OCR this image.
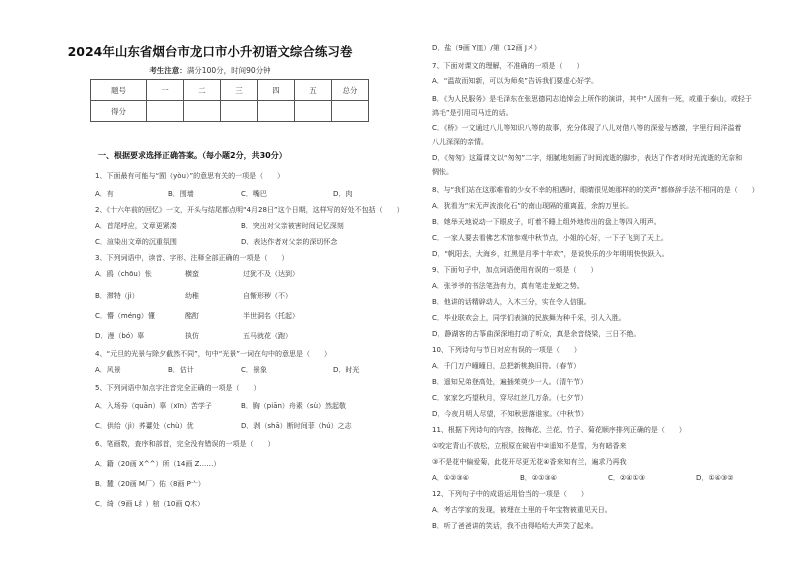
2024年山东省烟台市龙口市小升初语文综合练习卷
考生注意：满分100分，时间90分钟
题号	一	二	三	四	五	总分
得分						
一、根据要求选择正确答案。（每小题2分，共30分）
1、下面最有可能与“囿（yòu）”的意思有关的一项是（　　）
A．有	B．围墙	C．嘴巴	D．肉
2、《十六年前的回忆》一文，开头与结尾都点明“4月28日”这个日期，这样写的好处不包括（　　）
A．首尾呼应，文章更紧凑	B．突出对父亲被害时间记忆深刻
C．渲染出文章的沉重氛围	D．表达作者对父亲的深切怀念
3、下列词语中，读音、字形、注释全部正确的一项是（　　）
A．鸥（chōu）怅	横蛮	过犹不及（达到）
B．滞特（jì）	幼稚	自惭形秽（不）
C．懵（méng）懂	酩酊	半世洞名（托起）
D．漫（bó）辜	执仿	五马就花（跑）
4、“元旦的光景与除夕截然不同”，句中“光景”一词在句中的意思是（　　）
A．风景	B．估计	C．景象	D．时光
5、下列词语中加点字注音完全正确的一项是（　　）
A．入场券（quān）辜（xīn）苦学子	B．胸（piān）舟素（sù）然起敬
C．供给（jì）荞薹处（chù）优	D．剥（shā）断时间菲（hú）之志
6、笔画数，查序和部首，完全没有错误的一项是（　　）
A．籍（20画 X^^）所（14画 Z……）
B．麓（20画 M厂）佑（8画 P亠）
C．绮（9画 L纟）棺（10画 Q木）
D．盐（9画 Y皿）/第（12画 J㐅）
7、下面对课文的理解，不准确的一项是（　　）
A．“温故而知新，可以为师矣”告诉我们要虚心好学。
B．《为人民服务》是毛泽东在张思德同志追悼会上所作的演讲，其中“人固有一死，或重于泰山，或轻于
鸿毛”是引用司马迁的话。
C．《桥》一文通过八儿等知识八等的故事，充分体现了八儿对借八等的深爱与感激，字里行间洋溢着
八儿深深的亲情。
D．《匆匆》这篇课文以“匆匆”二字，细腻地刻画了时间流逝的脚步，表达了作者对时光流逝的无奈和
惆怅。
8、与“我们站在这那难看的少女不幸的相遇时，眼睛很见她那样的的笑声”都修辞手法不相同的是（　　）
A．犹看为“宋无声波浪化石”的南山现隔的重离蓝，余韵万里长。
B．她举天地说动一下眼皮子，叮着不睡上组外地传出的盘上等四入明声。
C．一家人要去看佛艺术馆参观中秋节点，小姐的心好，一下子飞到了天上。
D．“帆阳去，大海乡，红黑是月季十年欢”，是说快乐的少年明明快快跃入。
9、下面句子中，加点词语使用有误的一项是（　　）
A．张爷爷的书法笔劲有力，真有笔走龙蛇之势。
B．他讲的话精辟动人，入木三分，实在令人信服。
C．毕业联欢会上，同学们表演的民族舞为种千采，引人入胜。
D．静湖客的古筝曲深深地打动了听众，真是余音绕梁，三日不绝。
10、下列诗句与节日对应有误的一项是（　　）
A．千门万户曈曈日，总把新桃换旧符。（春节）
B．遥知兄弟登高处，遍插茱萸少一人。（清午节）
C．家家乞巧望秋月，穿尽红丝几万条。（七夕节）
D．今夜月明人尽望，不知秋思落谁家。（中秋节）
11、根据下列诗句的内容，按梅花、兰花、竹子、菊花顺序排列正确的是（　　）
①咬定青山不放松，立根原在破岩中②遥知不是雪，为有暗香来
③不是花中偏爱菊，此花开尽更无花④香来知有兰，遍求乃再我
A．①②③④	B．②①③④	C．②④①③	D．①④③②
12、下列句子中的成语运用恰当的一项是（　　）
A．考古学家的发现，被埋在土里的千年宝物被重见天日。
B．听了爸爸讲的笑话，我不由得哈哈大声笑了起来。
